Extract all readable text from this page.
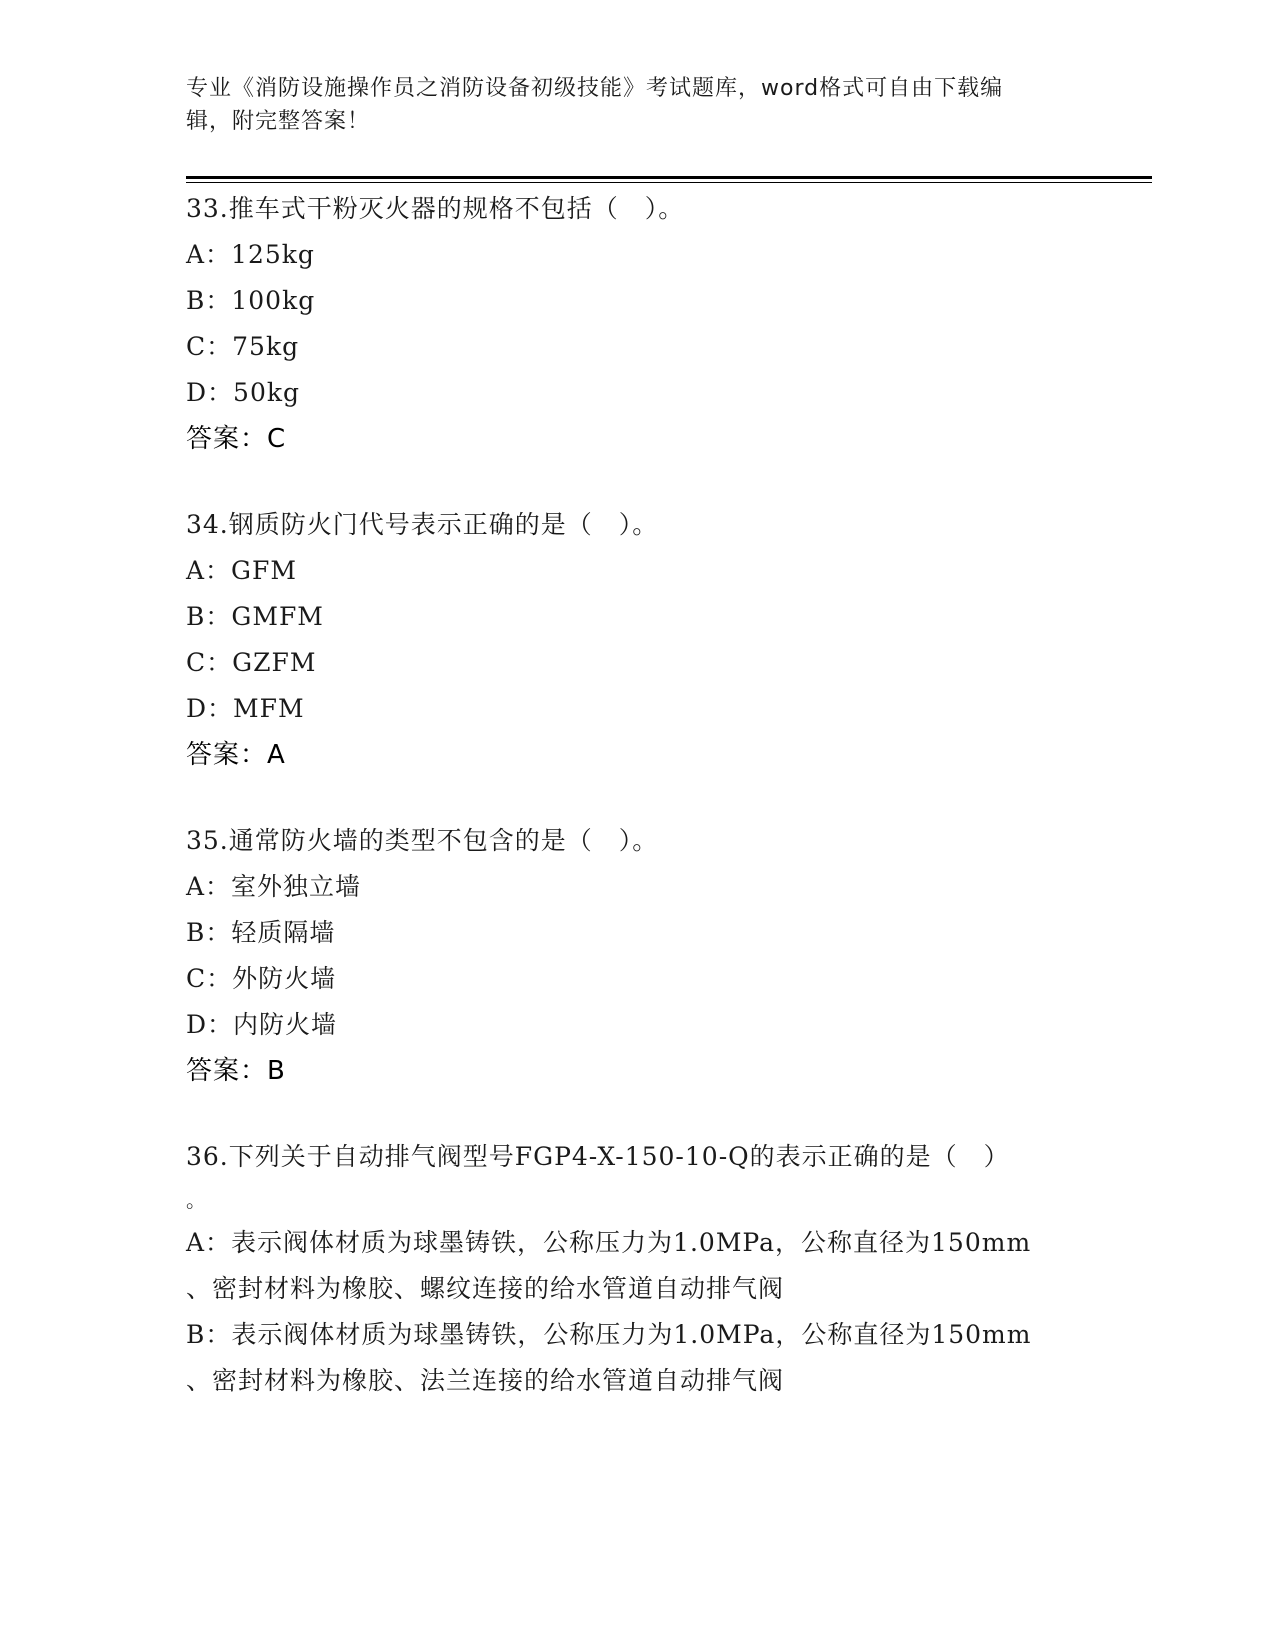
专业《消防设施操作员之消防设备初级技能》考试题库，word格式可自由下载编
辑，附完整答案！
33.推车式干粉灭火器的规格不包括（　）。
A：125kg
B：100kg
C：75kg
D：50kg
答案：C
34.钢质防火门代号表示正确的是（　）。
A：GFM
B：GMFM
C：GZFM
D：MFM
答案：A
35.通常防火墙的类型不包含的是（　）。
A：室外独立墙
B：轻质隔墙
C：外防火墙
D：内防火墙
答案：B
36.下列关于自动排气阀型号FGP4-X-150-10-Q的表示正确的是（　）
。
A：表示阀体材质为球墨铸铁，公称压力为1.0MPa，公称直径为150mm
、密封材料为橡胶、螺纹连接的给水管道自动排气阀
B：表示阀体材质为球墨铸铁，公称压力为1.0MPa，公称直径为150mm
、密封材料为橡胶、法兰连接的给水管道自动排气阀
